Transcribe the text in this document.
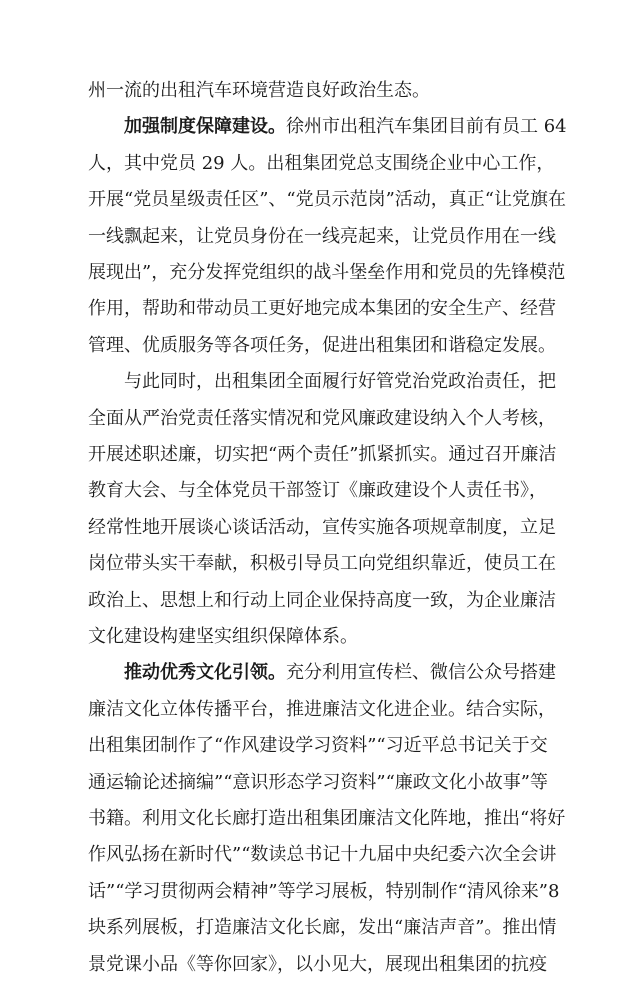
州一流的出租汽车环境营造良好政治生态。
加强制度保障建设。徐州市出租汽车集团目前有员工 64
人，其中党员 29 人。出租集团党总支围绕企业中心工作，
开展“党员星级责任区”、“党员示范岗”活动，真正“让党旗在
一线飘起来，让党员身份在一线亮起来，让党员作用在一线
展现出”，充分发挥党组织的战斗堡垒作用和党员的先锋模范
作用，帮助和带动员工更好地完成本集团的安全生产、经营
管理、优质服务等各项任务，促进出租集团和谐稳定发展。
与此同时，出租集团全面履行好管党治党政治责任，把
全面从严治党责任落实情况和党风廉政建设纳入个人考核，
开展述职述廉，切实把“两个责任”抓紧抓实。通过召开廉洁
教育大会、与全体党员干部签订《廉政建设个人责任书》，
经常性地开展谈心谈话活动，宣传实施各项规章制度，立足
岗位带头实干奉献，积极引导员工向党组织靠近，使员工在
政治上、思想上和行动上同企业保持高度一致，为企业廉洁
文化建设构建坚实组织保障体系。
推动优秀文化引领。充分利用宣传栏、微信公众号搭建
廉洁文化立体传播平台，推进廉洁文化进企业。结合实际，
出租集团制作了“作风建设学习资料”“习近平总书记关于交
通运输论述摘编”“意识形态学习资料”“廉政文化小故事”等
书籍。利用文化长廊打造出租集团廉洁文化阵地，推出“将好
作风弘扬在新时代”“数读总书记十九届中央纪委六次全会讲
话”“学习贯彻两会精神”等学习展板，特别制作“清风徐来”8
块系列展板，打造廉洁文化长廊，发出“廉洁声音”。推出情
景党课小品《等你回家》，以小见大，展现出租集团的抗疫
